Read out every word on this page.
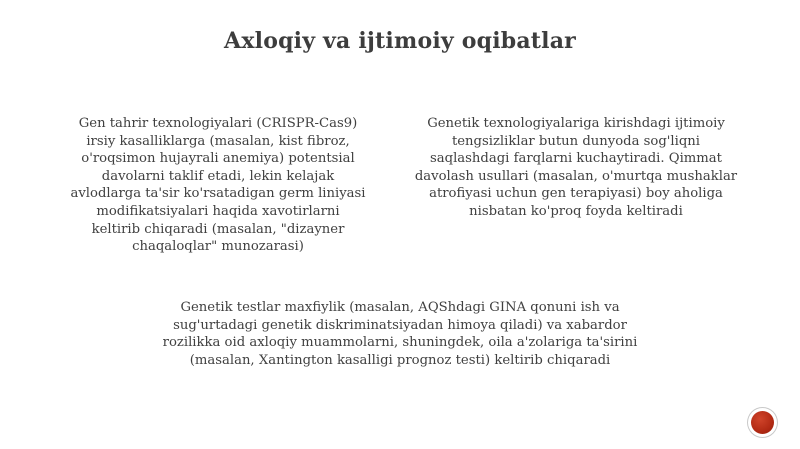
Axloqiy va ijtimoiy oqibatlar
Gen tahrir texnologiyalari (CRISPR-Cas9)
irsiy kasalliklarga (masalan, kist fibroz,
o'roqsimon hujayrali anemiya) potentsial
davolarni taklif etadi, lekin kelajak
avlodlarga ta'sir ko'rsatadigan germ liniyasi
modifikatsiyalari haqida xavotirlarni
keltirib chiqaradi (masalan, "dizayner
chaqaloqlar" munozarasi)
Genetik texnologiyalariga kirishdagi ijtimoiy
tengsizliklar butun dunyoda sog'liqni
saqlashdagi farqlarni kuchaytiradi. Qimmat
davolash usullari (masalan, o'murtqa mushaklar
atrofiyasi uchun gen terapiyasi) boy aholiga
nisbatan ko'proq foyda keltiradi
Genetik testlar maxfiylik (masalan, AQShdagi GINA qonuni ish va
sug'urtadagi genetik diskriminatsiyadan himoya qiladi) va xabardor
rozilikka oid axloqiy muammolarni, shuningdek, oila a'zolariga ta'sirini
(masalan, Xantington kasalligi prognoz testi) keltirib chiqaradi
